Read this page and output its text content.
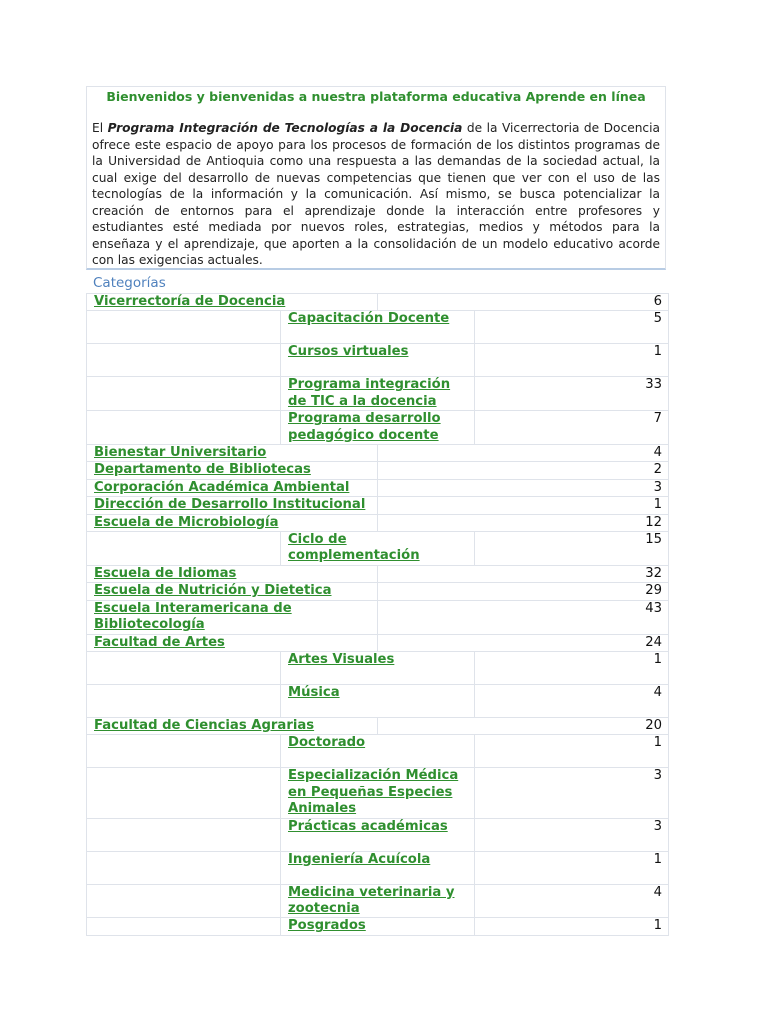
Bienvenidos y bienvenidas a nuestra plataforma educativa Aprende en línea

El Programa Integración de Tecnologías a la Docencia de la Vicerrectoria de Docencia ofrece este espacio de apoyo para los procesos de formación de los distintos programas de la Universidad de Antioquia como una respuesta a las demandas de la sociedad actual, la cual exige del desarrollo de nuevas competencias que tienen que ver con el uso de las tecnologías de la información y la comunicación. Así mismo, se busca potencializar la creación de entornos para el aprendizaje donde la interacción entre profesores y estudiantes esté mediada por nuevos roles, estrategias, medios y métodos para la enseñaza y el aprendizaje, que aporten a la consolidación de un modelo educativo acorde con las exigencias actuales.

Categorías

Vicerrectoría de Docencia		6	
	Capacitación Docente		5
	Cursos virtuales		1
	Programa integración de TIC a la docencia		33
	Programa desarrollo pedagógico docente		7
Bienestar Universitario		4	
Departamento de Bibliotecas		2	
Corporación Académica Ambiental		3	
Dirección de Desarrollo Institucional		1	
Escuela de Microbiología		12	
	Ciclo de complementación		15
Escuela de Idiomas		32	
Escuela de Nutrición y Dietetica		29	
Escuela Interamericana de Bibliotecología		43	
Facultad de Artes		24	
	Artes Visuales		1
	Música		4
Facultad de Ciencias Agrarias		20	
	Doctorado		1
	Especialización Médica en Pequeñas Especies Animales		3
	Prácticas académicas		3
	Ingeniería Acuícola		1
	Medicina veterinaria y zootecnia		4
	Posgrados		1
